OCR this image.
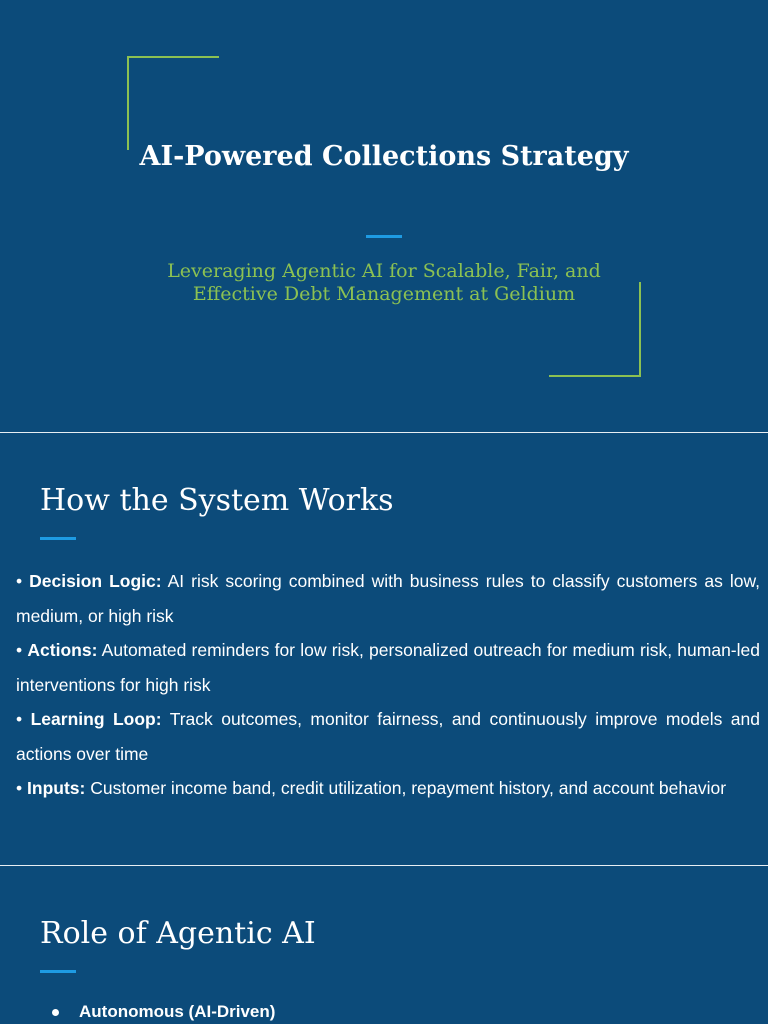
AI-Powered Collections Strategy

Leveraging Agentic AI for Scalable, Fair, and Effective Debt Management at Geldium

How the System Works
• Decision Logic: AI risk scoring combined with business rules to classify customers as low, medium, or high risk
• Actions: Automated reminders for low risk, personalized outreach for medium risk, human-led interventions for high risk
• Learning Loop: Track outcomes, monitor fairness, and continuously improve models and actions over time
• Inputs: Customer income band, credit utilization, repayment history, and account behavior
Role of Agentic AI
Autonomous (AI-Driven)
